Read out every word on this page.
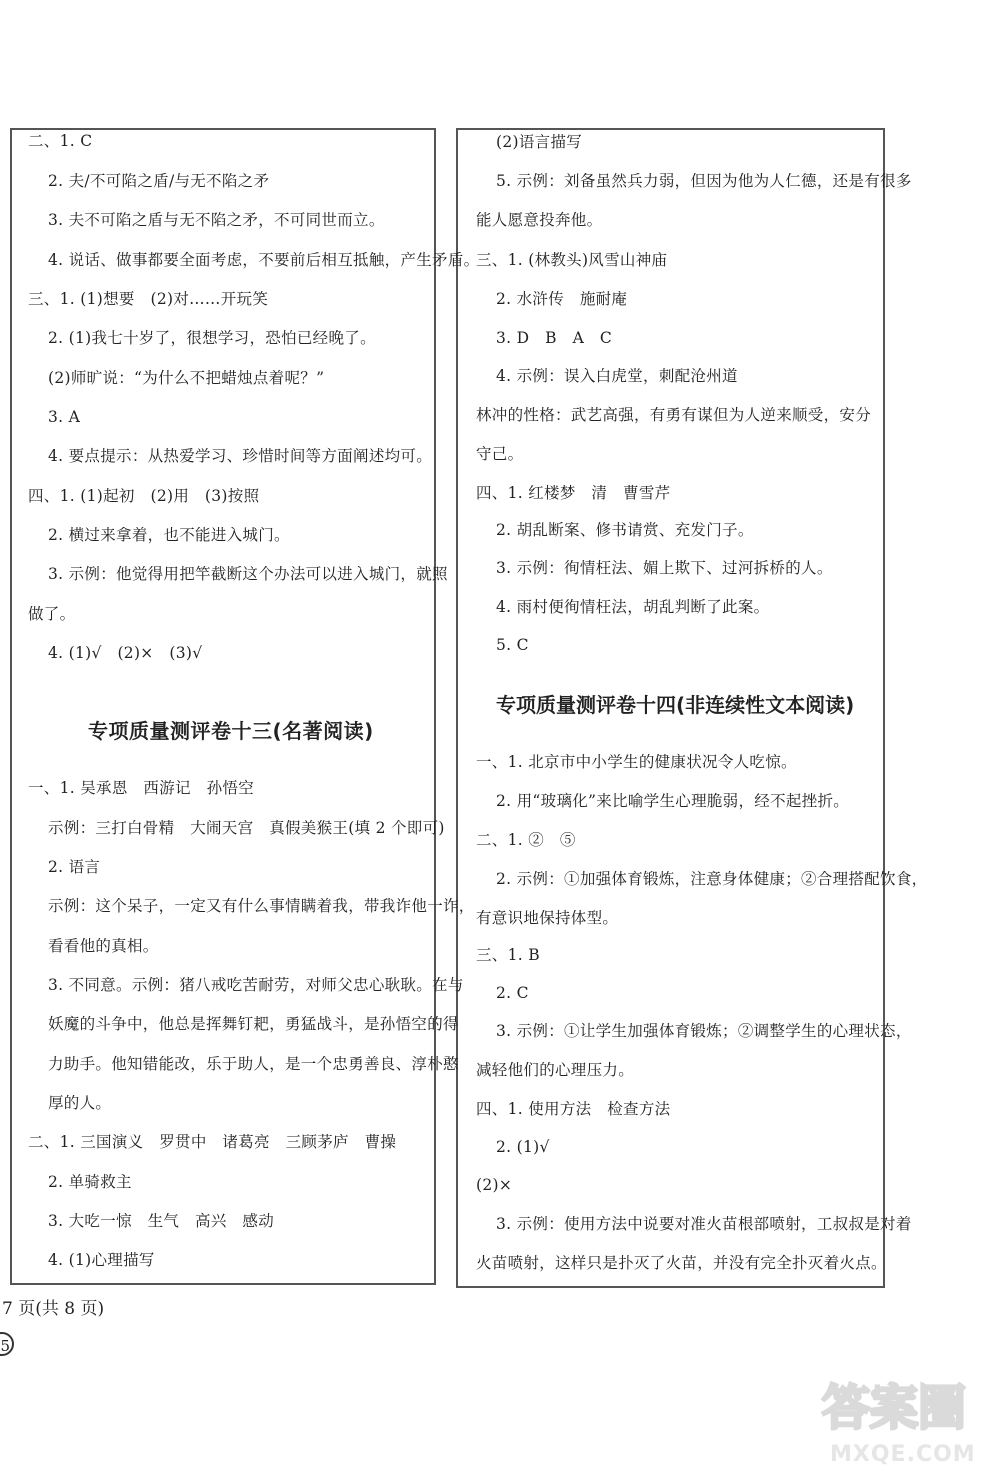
二、1. C
2. 夫/不可陷之盾/与无不陷之矛
3. 夫不可陷之盾与无不陷之矛，不可同世而立。
4. 说话、做事都要全面考虑，不要前后相互抵触，产生矛盾。
三、1. (1)想要　(2)对……开玩笑
2. (1)我七十岁了，很想学习，恐怕已经晚了。
(2)师旷说：“为什么不把蜡烛点着呢？”
3. A
4. 要点提示：从热爱学习、珍惜时间等方面阐述均可。
四、1. (1)起初　(2)用　(3)按照
2. 横过来拿着，也不能进入城门。
3. 示例：他觉得用把竿截断这个办法可以进入城门，就照
做了。
4. (1)√　(2)×　(3)√
专项质量测评卷十三(名著阅读)
一、1. 吴承恩　西游记　孙悟空
示例：三打白骨精　大闹天宫　真假美猴王(填 2 个即可)
2. 语言
示例：这个呆子，一定又有什么事情瞒着我，带我诈他一诈，
看看他的真相。
3. 不同意。示例：猪八戒吃苦耐劳，对师父忠心耿耿。在与
妖魔的斗争中，他总是挥舞钉耙，勇猛战斗，是孙悟空的得
力助手。他知错能改，乐于助人，是一个忠勇善良、淳朴憨
厚的人。
二、1. 三国演义　罗贯中　诸葛亮　三顾茅庐　曹操
2. 单骑救主
3. 大吃一惊　生气　高兴　感动
4. (1)心理描写
(2)语言描写
5. 示例：刘备虽然兵力弱，但因为他为人仁德，还是有很多
能人愿意投奔他。
三、1. (林教头)风雪山神庙
2. 水浒传　施耐庵
3. D　B　A　C
4. 示例：误入白虎堂，刺配沧州道
林冲的性格：武艺高强，有勇有谋但为人逆来顺受，安分
守己。
四、1. 红楼梦　清　曹雪芹
2. 胡乱断案、修书请赏、充发门子。
3. 示例：徇情枉法、媚上欺下、过河拆桥的人。
4. 雨村便徇情枉法，胡乱判断了此案。
5. C
专项质量测评卷十四(非连续性文本阅读)
一、1. 北京市中小学生的健康状况令人吃惊。
2. 用“玻璃化”来比喻学生心理脆弱，经不起挫折。
二、1. ②　⑤
2. 示例：①加强体育锻炼，注意身体健康；②合理搭配饮食，
有意识地保持体型。
三、1. B
2. C
3. 示例：①让学生加强体育锻炼；②调整学生的心理状态，
减轻他们的心理压力。
四、1. 使用方法　检查方法
2. (1)√
(2)×
3. 示例：使用方法中说要对准火苗根部喷射，工叔叔是对着
火苗喷射，这样只是扑灭了火苗，并没有完全扑灭着火点。
7 页(共 8 页)
5
答案圈
MXQE.COM
